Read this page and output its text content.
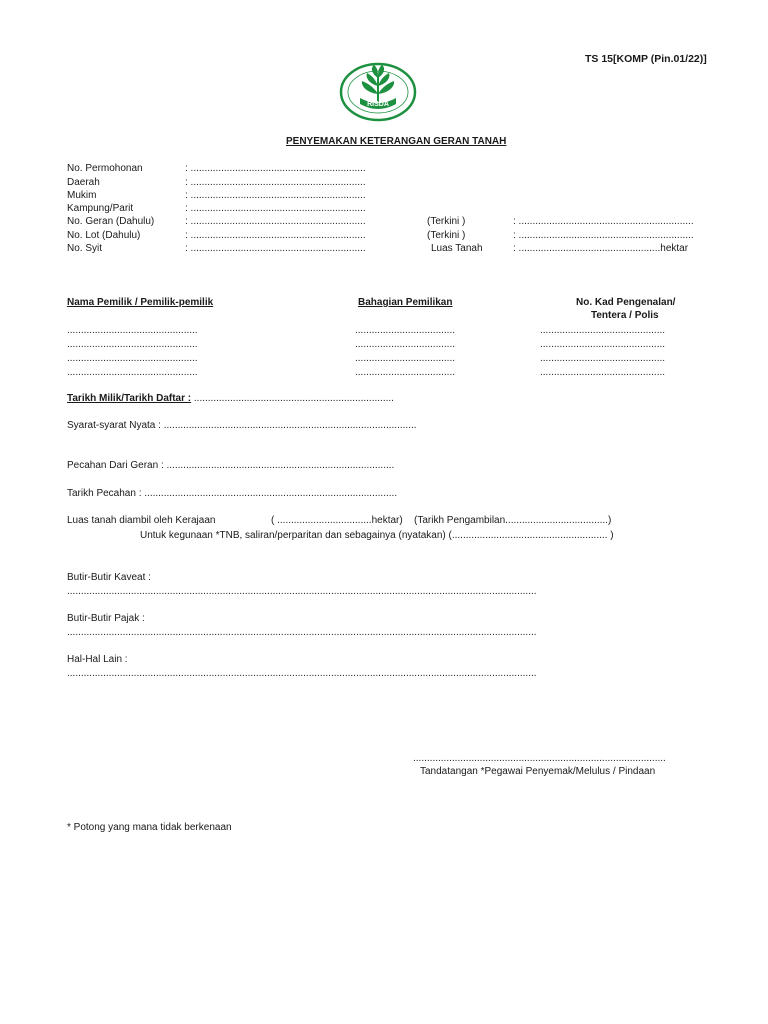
TS 15[KOMP (Pin.01/22)]
RISDA
PENYEMAKAN KETERANGAN GERAN TANAH
No. Permohonan	: ...............................................................
Daerah	: ...............................................................
Mukim	: ...............................................................
Kampung/Parit	: ...............................................................
No. Geran (Dahulu)	: ...............................................................	(Terkini )	: ...............................................................
No. Lot (Dahulu)	: ...............................................................	(Terkini )	: ...............................................................
No. Syit	: ...............................................................	Luas Tanah	: ...................................................hektar
Nama Pemilik / Pemilik-pemilik	Bahagian Pemilikan	No. Kad Pengenalan/
Tentera / Polis
...............................................	....................................	.............................................
...............................................	....................................	.............................................
...............................................	....................................	.............................................
...............................................	....................................	.............................................
Tarikh Milik/Tarikh Daftar : ........................................................................
Syarat-syarat Nyata : ...........................................................................................
Pecahan Dari Geran : ..................................................................................
Tarikh Pecahan : ...........................................................................................
Luas tanah diambil oleh Kerajaan	( ..................................hektar) (Tarikh Pengambilan.....................................)
Untuk kegunaan *TNB, saliran/perparitan dan sebagainya (nyatakan) (........................................................ )
Butir-Butir Kaveat :
.........................................................................................................................................................................
Butir-Butir Pajak :
.........................................................................................................................................................................
Hal-Hal Lain :
.........................................................................................................................................................................
...........................................................................................
Tandatangan *Pegawai Penyemak/Melulus / Pindaan
* Potong yang mana tidak berkenaan
